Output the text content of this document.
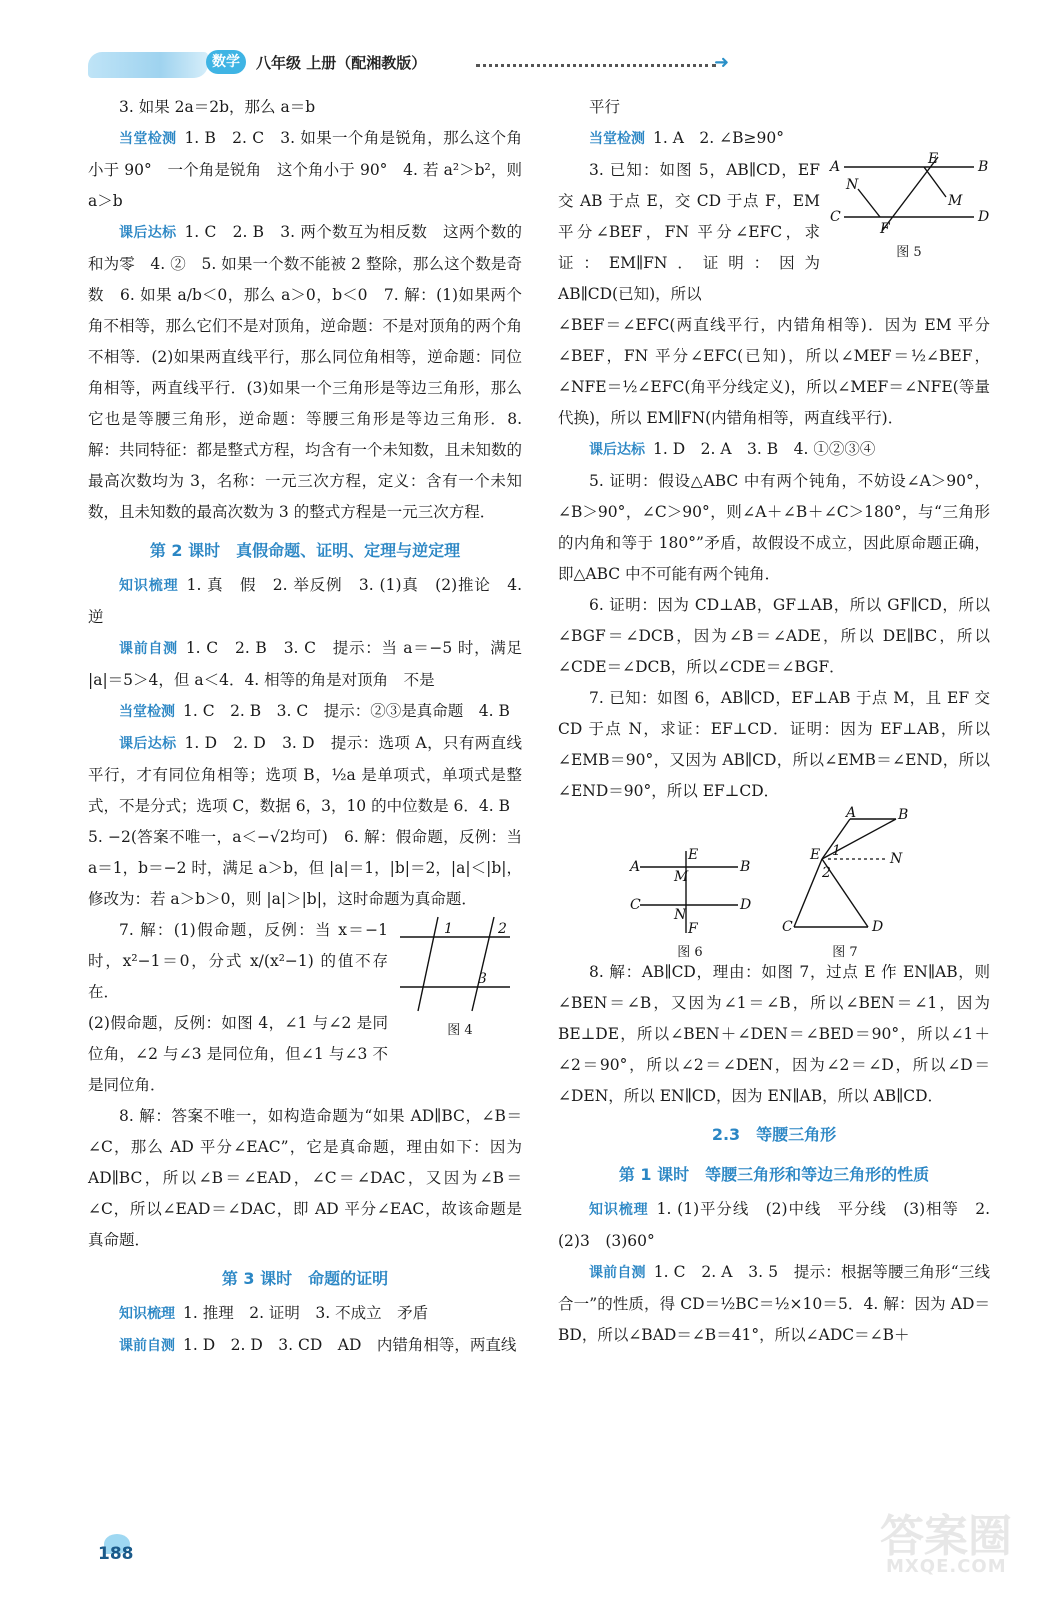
数学	八年级 上册（配湘教版）	➜

3. 如果 2a＝2b，那么 a＝b

当堂检测 1. B　2. C　3. 如果一个角是锐角，那么这个角小于 90°　一个角是锐角　这个角小于 90°　4. 若 a²＞b²，则 a＞b

课后达标 1. C　2. B　3. 两个数互为相反数　这两个数的和为零　4. ②　5. 如果一个数不能被 2 整除，那么这个数是奇数　6. 如果 a/b＜0，那么 a＞0，b＜0　7. 解：(1)如果两个角不相等，那么它们不是对顶角，逆命题：不是对顶角的两个角不相等．(2)如果两直线平行，那么同位角相等，逆命题：同位角相等，两直线平行．(3)如果一个三角形是等边三角形，那么它也是等腰三角形，逆命题：等腰三角形是等边三角形．8. 解：共同特征：都是整式方程，均含有一个未知数，且未知数的最高次数均为 3，名称：一元三次方程，定义：含有一个未知数，且未知数的最高次数为 3 的整式方程是一元三次方程．

第 2 课时　真假命题、证明、定理与逆定理

知识梳理 1. 真　假　2. 举反例　3. (1)真　(2)推论　4. 逆

课前自测 1. C　2. B　3. C　提示：当 a＝−5 时，满足 |a|＝5＞4，但 a＜4．4. 相等的角是对顶角　不是

当堂检测 1. C　2. B　3. C　提示：②③是真命题　4. B

课后达标 1. D　2. D　3. D　提示：选项 A，只有两直线平行，才有同位角相等；选项 B，½a 是单项式，单项式是整式，不是分式；选项 C，数据 6，3，10 的中位数是 6．4. B

5. −2(答案不唯一，a＜−√2均可)　6. 解：假命题，反例：当 a＝1，b＝−2 时，满足 a＞b，但 |a|＝1，|b|＝2，|a|＜|b|，修改为：若 a＞b＞0，则 |a|＞|b|，这时命题为真命题．

1	2
3
图 4

7. 解：(1)假命题，反例：当 x＝−1 时，x²−1＝0，分式 x/(x²−1) 的值不存在．

(2)假命题，反例：如图 4，∠1 与∠2 是同位角，∠2 与∠3 是同位角，但∠1 与∠3 不是同位角．

8. 解：答案不唯一，如构造命题为“如果 AD∥BC，∠B＝∠C，那么 AD 平分∠EAC”，它是真命题，理由如下：因为 AD∥BC，所以∠B＝∠EAD，∠C＝∠DAC，又因为∠B＝∠C，所以∠EAD＝∠DAC，即 AD 平分∠EAC，故该命题是真命题．

第 3 课时　命题的证明

知识梳理 1. 推理　2. 证明　3. 不成立　矛盾

课前自测 1. D　2. D　3. CD　AD　内错角相等，两直线

平行

当堂检测 1. A　2. ∠B≥90°

A	B
E
M
N
C	D
F
图 5

3. 已知：如图 5，AB∥CD，EF 交 AB 于点 E，交 CD 于点 F，EM 平分∠BEF，FN 平分∠EFC，求证：EM∥FN．证明：因为 AB∥CD(已知)，所以

∠BEF＝∠EFC(两直线平行，内错角相等)．因为 EM 平分∠BEF，FN 平分∠EFC(已知)，所以∠MEF＝½∠BEF，∠NFE＝½∠EFC(角平分线定义)，所以∠MEF＝∠NFE(等量代换)，所以 EM∥FN(内错角相等，两直线平行)．

课后达标 1. D　2. A　3. B　4. ①②③④

5. 证明：假设△ABC 中有两个钝角，不妨设∠A＞90°，∠B＞90°，∠C＞90°，则∠A＋∠B＋∠C＞180°，与“三角形的内角和等于 180°”矛盾，故假设不成立，因此原命题正确，即△ABC 中不可能有两个钝角．

6. 证明：因为 CD⊥AB，GF⊥AB，所以 GF∥CD，所以∠BGF＝∠DCB，因为∠B＝∠ADE，所以 DE∥BC，所以∠CDE＝∠DCB，所以∠CDE＝∠BGF．

7. 已知：如图 6，AB∥CD，EF⊥AB 于点 M，且 EF 交 CD 于点 N，求证：EF⊥CD．证明：因为 EF⊥AB，所以∠EMB＝90°，又因为 AB∥CD，所以∠EMB＝∠END，所以∠END＝90°，所以 EF⊥CD．

A	B
C	D
E
M
N
F
图 6
A	B
E	N
1
2
C	D
图 7

8. 解：AB∥CD，理由：如图 7，过点 E 作 EN∥AB，则∠BEN＝∠B，又因为∠1＝∠B，所以∠BEN＝∠1，因为 BE⊥DE，所以∠BEN＋∠DEN＝∠BED＝90°，所以∠1＋∠2＝90°，所以∠2＝∠DEN，因为∠2＝∠D，所以∠D＝∠DEN，所以 EN∥CD，因为 EN∥AB，所以 AB∥CD．

2.3　等腰三角形
第 1 课时　等腰三角形和等边三角形的性质

知识梳理 1. (1)平分线　(2)中线　平分线　(3)相等　2. (2)3　(3)60°

课前自测 1. C　2. A　3. 5　提示：根据等腰三角形“三线合一”的性质，得 CD＝½BC＝½×10＝5．4. 解：因为 AD＝BD，所以∠BAD＝∠B＝41°，所以∠ADC＝∠B＋

188	答案圈
MXQE.COM
